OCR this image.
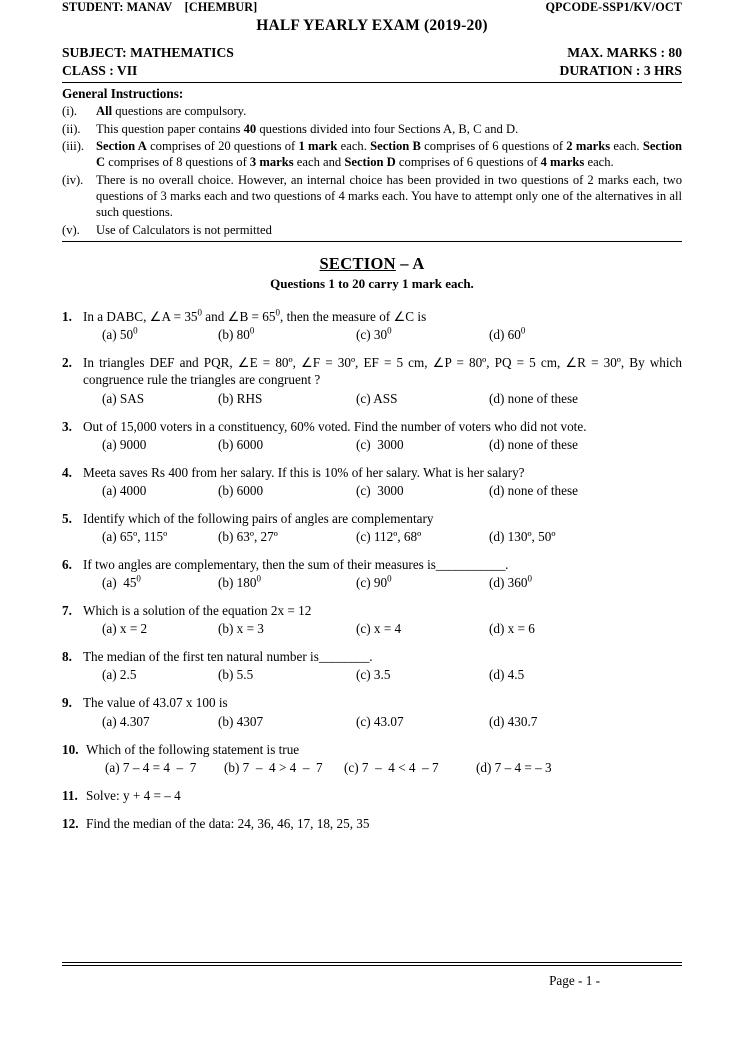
STUDENT: MANAV    [CHEMBUR]	QPCODE-SSP1/KV/OCT
HALF YEARLY EXAM (2019-20)
SUBJECT: MATHEMATICS	MAX. MARKS : 80
CLASS : VII	DURATION : 3 HRS
General Instructions:
(i).	All questions are compulsory.
(ii).	This question paper contains 40 questions divided into four Sections A, B, C and D.
(iii). Section A comprises of 20 questions of 1 mark each. Section B comprises of 6 questions of 2 marks each. Section C comprises of 8 questions of 3 marks each and Section D comprises of 6 questions of 4 marks each.
(iv).	There is no overall choice. However, an internal choice has been provided in two questions of 2 marks each, two questions of 3 marks each and two questions of 4 marks each. You have to attempt only one of the alternatives in all such questions.
(v).	Use of Calculators is not permitted
SECTION – A
Questions 1 to 20 carry 1 mark each.
1. In a DABC, ∠A = $35^0$ and ∠B = $65^0$, then the measure of ∠C is
(a) $50^0$	(b) $80^0$	(c) $30^0$	(d) $60^0$
2. In triangles DEF and PQR, ∠E = 80º, ∠F = 30º, EF = 5 cm, ∠P = 80º, PQ = 5 cm, ∠R = 30º, By which congruence rule the triangles are congruent ?
(a) SAS	(b) RHS	(c) ASS	(d) none of these
3. Out of 15,000 voters in a constituency, 60% voted. Find the number of voters who did not vote.
(a) 9000	(b) 6000	(c)  3000	(d) none of these
4. Meeta saves Rs 400 from her salary. If this is 10% of her salary. What is her salary?
(a) 4000	(b) 6000	(c)  3000	(d) none of these
5. Identify which of the following pairs of angles are complementary
(a) 65º, 115º	(b) 63º, 27º	(c) 112º, 68º	(d) 130º, 50º
6. If two angles are complementary, then the sum of their measures is___________.
(a)  $45^0$	(b) $180^0$	(c) $90^0$	(d) $360^0$
7. Which is a solution of the equation 2x = 12
(a) x = 2	(b) x = 3	(c) x = 4	(d) x = 6
8. The median of the first ten natural number is________.
(a) 2.5	(b) 5.5	(c) 3.5	(d) 4.5
9. The value of 43.07 x 100 is
(a) 4.307	(b) 4307	(c) 43.07	(d) 430.7
10. Which of the following statement is true
(a) 7 – 4 = 4  –  7 (b) 7  –  4 > 4  –  7 (c) 7  –  4 < 4  – 7	(d) 7 – 4 = – 3
11. Solve: y + 4 = – 4
12. Find the median of the data: 24, 36, 46, 17, 18, 25, 35
Page - 1 -
